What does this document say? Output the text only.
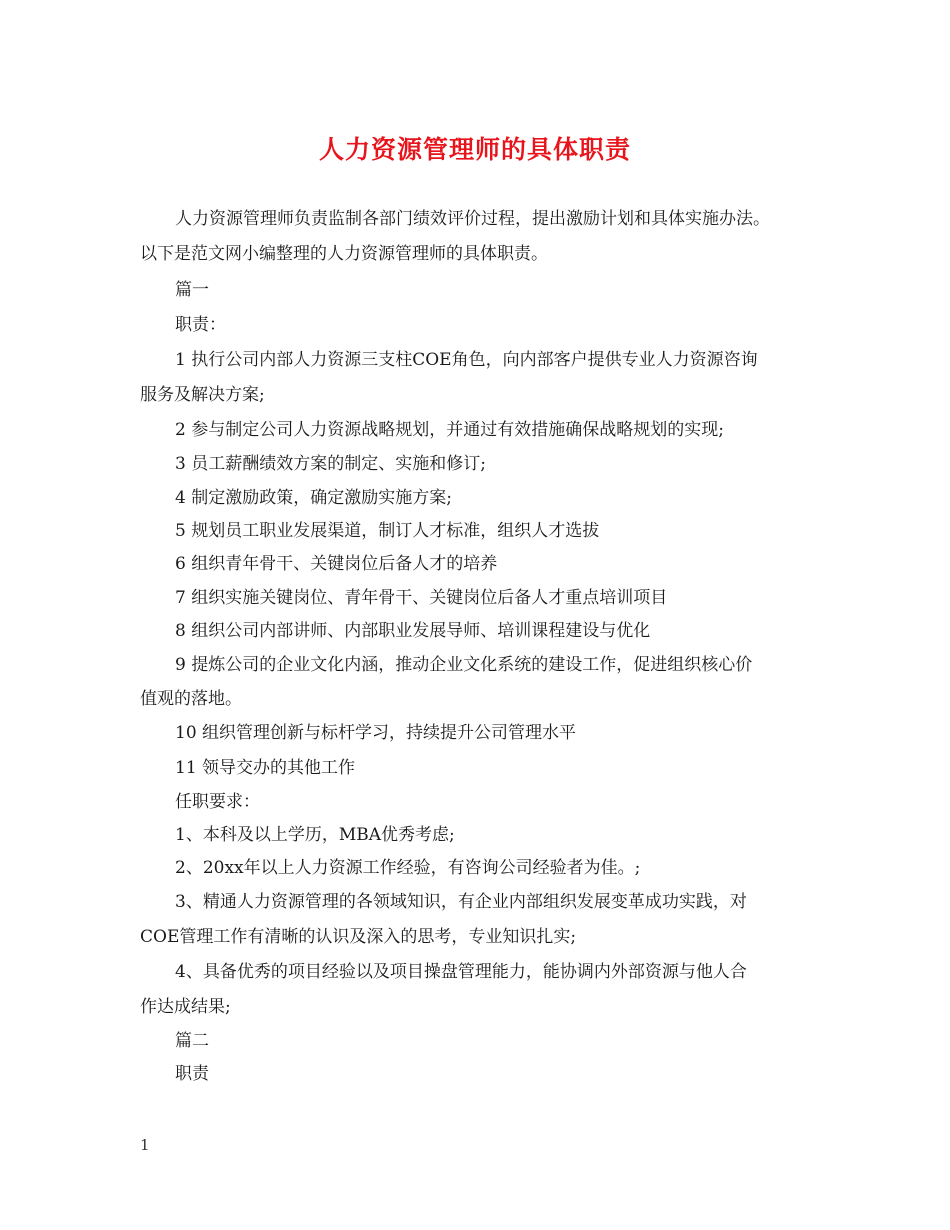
人力资源管理师的具体职责
人力资源管理师负责监制各部门绩效评价过程，提出激励计划和具体实施办法。
以下是范文网小编整理的人力资源管理师的具体职责。
篇一
职责：
1 执行公司内部人力资源三支柱COE角色，向内部客户提供专业人力资源咨询
服务及解决方案;
2 参与制定公司人力资源战略规划，并通过有效措施确保战略规划的实现;
3 员工薪酬绩效方案的制定、实施和修订;
4 制定激励政策，确定激励实施方案;
5 规划员工职业发展渠道，制订人才标准，组织人才选拔
6 组织青年骨干、关键岗位后备人才的培养
7 组织实施关键岗位、青年骨干、关键岗位后备人才重点培训项目
8 组织公司内部讲师、内部职业发展导师、培训课程建设与优化
9 提炼公司的企业文化内涵，推动企业文化系统的建设工作，促进组织核心价
值观的落地。
10 组织管理创新与标杆学习，持续提升公司管理水平
11 领导交办的其他工作
任职要求：
1、本科及以上学历，MBA优秀考虑;
2、20xx年以上人力资源工作经验，有咨询公司经验者为佳。;
3、精通人力资源管理的各领域知识，有企业内部组织发展变革成功实践，对
COE管理工作有清晰的认识及深入的思考，专业知识扎实;
4、具备优秀的项目经验以及项目操盘管理能力，能协调内外部资源与他人合
作达成结果;
篇二
职责
1
